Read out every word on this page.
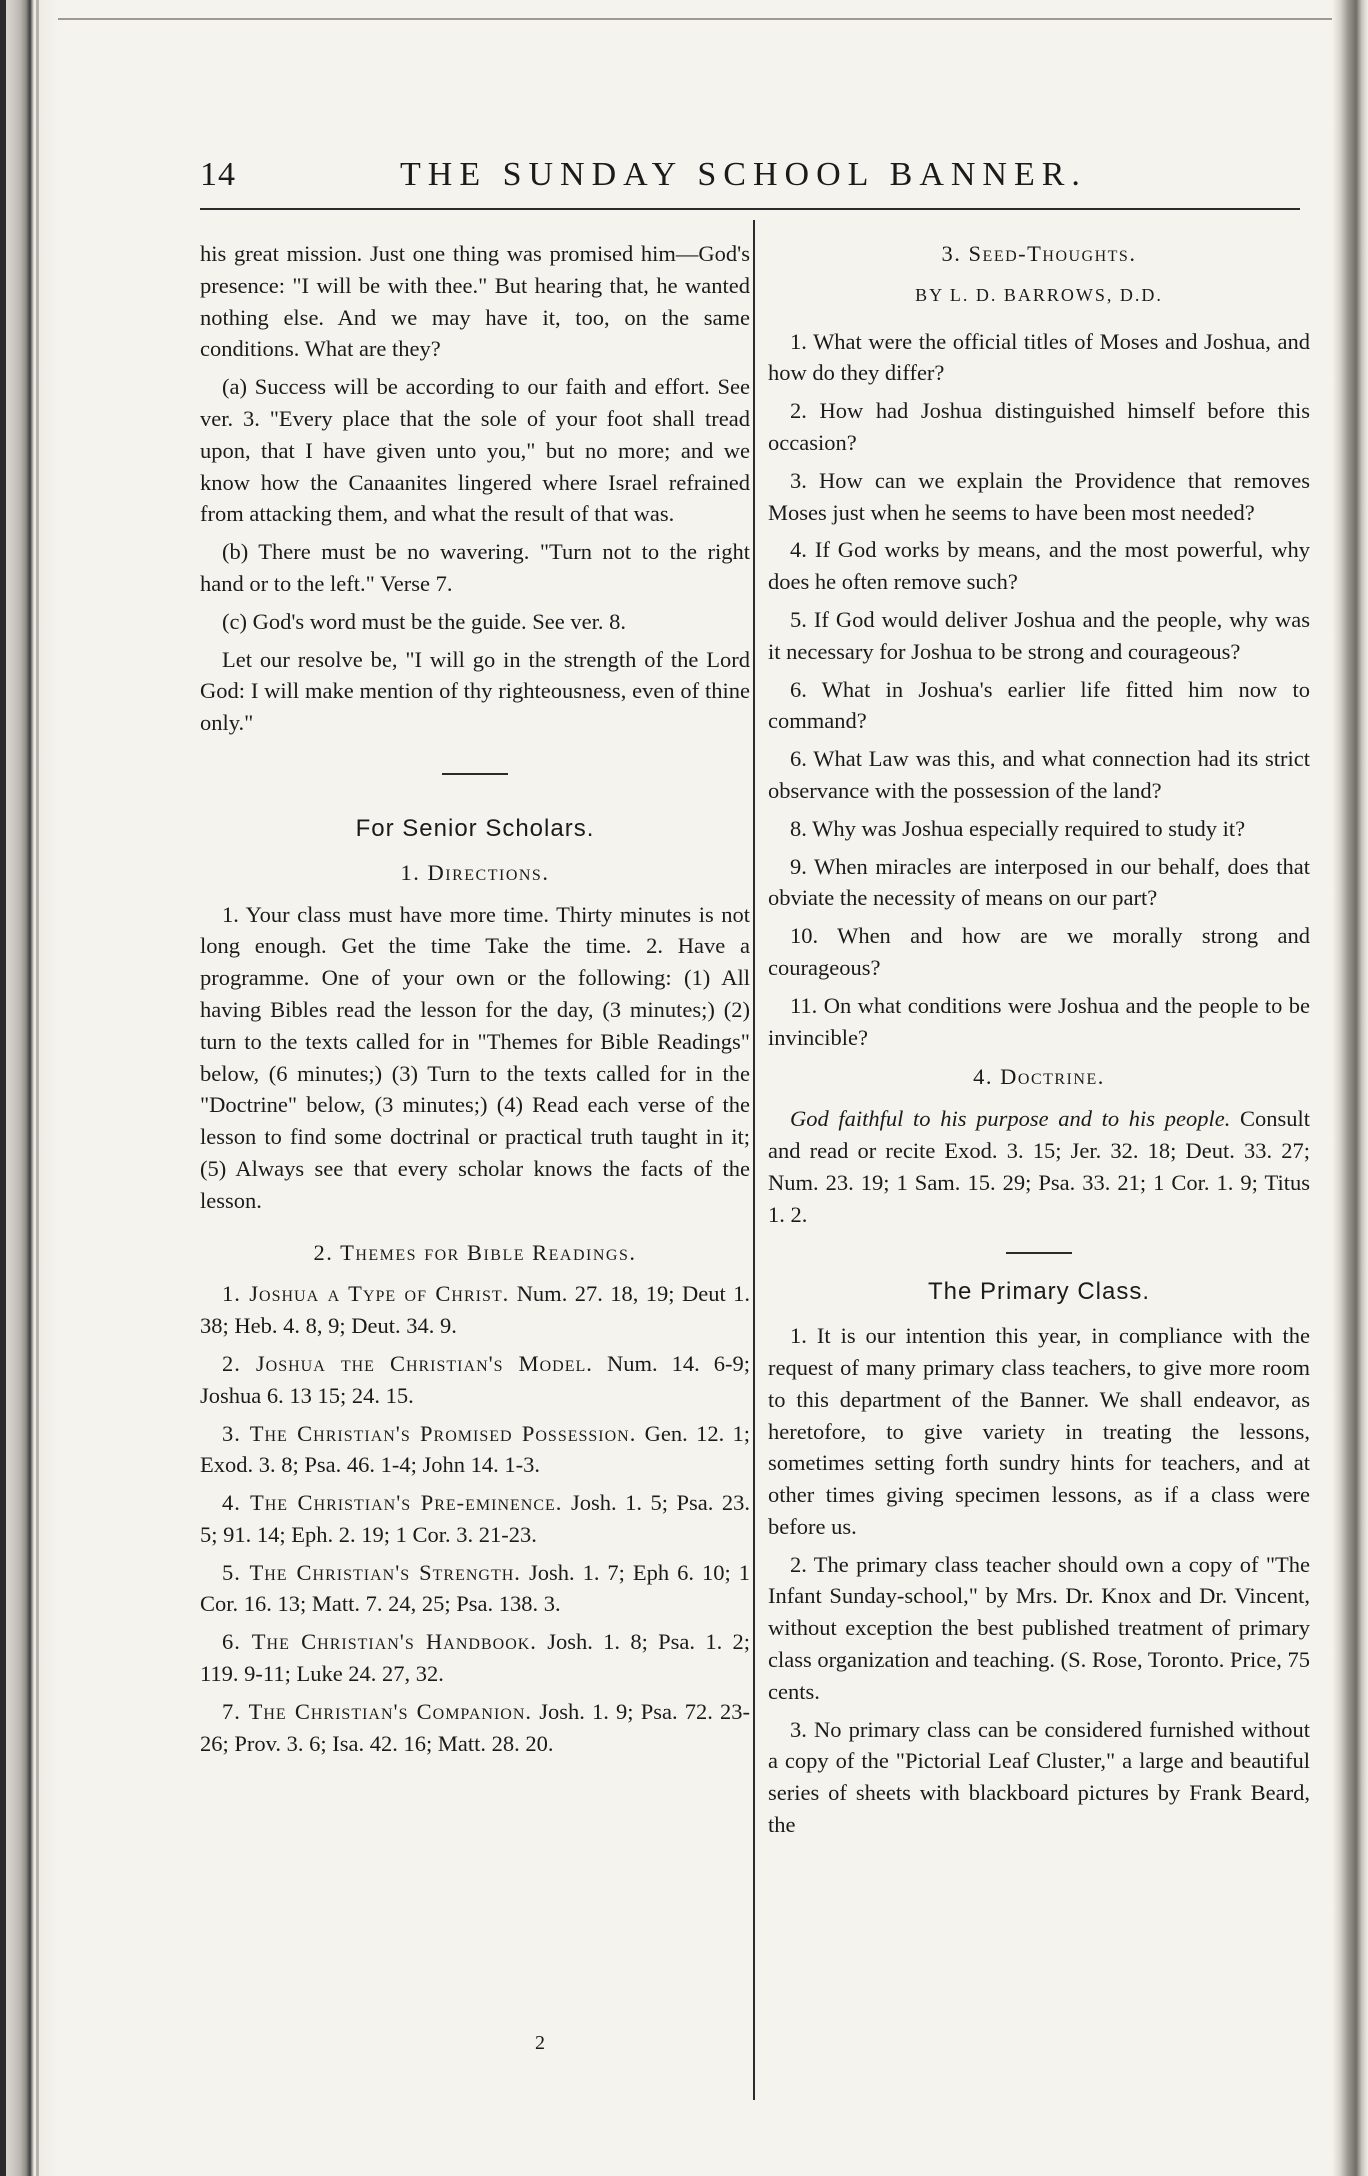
14	THE SUNDAY SCHOOL BANNER.

his great mission. Just one thing was promised him—God's presence: "I will be with thee." But hearing that, he wanted nothing else. And we may have it, too, on the same conditions. What are they?

(a) Success will be according to our faith and effort. See ver. 3. "Every place that the sole of your foot shall tread upon, that I have given unto you," but no more; and we know how the Canaanites lingered where Israel refrained from attacking them, and what the result of that was.

(b) There must be no wavering. "Turn not to the right hand or to the left." Verse 7.

(c) God's word must be the guide. See ver. 8.

Let our resolve be, "I will go in the strength of the Lord God: I will make mention of thy righteousness, even of thine only."

For Senior Scholars.
1. Directions.

1. Your class must have more time. Thirty minutes is not long enough. Get the time Take the time. 2. Have a programme. One of your own or the following: (1) All having Bibles read the lesson for the day, (3 minutes;) (2) turn to the texts called for in "Themes for Bible Readings" below, (6 minutes;) (3) Turn to the texts called for in the "Doctrine" below, (3 minutes;) (4) Read each verse of the lesson to find some doctrinal or practical truth taught in it; (5) Always see that every scholar knows the facts of the lesson.

2. Themes for Bible Readings.

1. Joshua a Type of Christ. Num. 27. 18, 19; Deut 1. 38; Heb. 4. 8, 9; Deut. 34. 9.

2. Joshua the Christian's Model. Num. 14. 6-9; Joshua 6. 13 15; 24. 15.

3. The Christian's Promised Possession. Gen. 12. 1; Exod. 3. 8; Psa. 46. 1-4; John 14. 1-3.

4. The Christian's Pre-eminence. Josh. 1. 5; Psa. 23. 5; 91. 14; Eph. 2. 19; 1 Cor. 3. 21-23.

5. The Christian's Strength. Josh. 1. 7; Eph 6. 10; 1 Cor. 16. 13; Matt. 7. 24, 25; Psa. 138. 3.

6. The Christian's Handbook. Josh. 1. 8; Psa. 1. 2; 119. 9-11; Luke 24. 27, 32.

7. The Christian's Companion. Josh. 1. 9; Psa. 72. 23-26; Prov. 3. 6; Isa. 42. 16; Matt. 28. 20.

2
3. Seed-Thoughts.
BY L. D. BARROWS, D.D.

1. What were the official titles of Moses and Joshua, and how do they differ?

2. How had Joshua distinguished himself before this occasion?

3. How can we explain the Providence that removes Moses just when he seems to have been most needed?

4. If God works by means, and the most powerful, why does he often remove such?

5. If God would deliver Joshua and the people, why was it necessary for Joshua to be strong and courageous?

6. What in Joshua's earlier life fitted him now to command?

6. What Law was this, and what connection had its strict observance with the possession of the land?

8. Why was Joshua especially required to study it?

9. When miracles are interposed in our behalf, does that obviate the necessity of means on our part?

10. When and how are we morally strong and courageous?

11. On what conditions were Joshua and the people to be invincible?

4. Doctrine.

God faithful to his purpose and to his people. Consult and read or recite Exod. 3. 15; Jer. 32. 18; Deut. 33. 27; Num. 23. 19; 1 Sam. 15. 29; Psa. 33. 21; 1 Cor. 1. 9; Titus 1. 2.

The Primary Class.

1. It is our intention this year, in compliance with the request of many primary class teachers, to give more room to this department of the Banner. We shall endeavor, as heretofore, to give variety in treating the lessons, sometimes setting forth sundry hints for teachers, and at other times giving specimen lessons, as if a class were before us.

2. The primary class teacher should own a copy of "The Infant Sunday-school," by Mrs. Dr. Knox and Dr. Vincent, without exception the best published treatment of primary class organization and teaching. (S. Rose, Toronto. Price, 75 cents.

3. No primary class can be considered furnished without a copy of the "Pictorial Leaf Cluster," a large and beautiful series of sheets with blackboard pictures by Frank Beard, the
